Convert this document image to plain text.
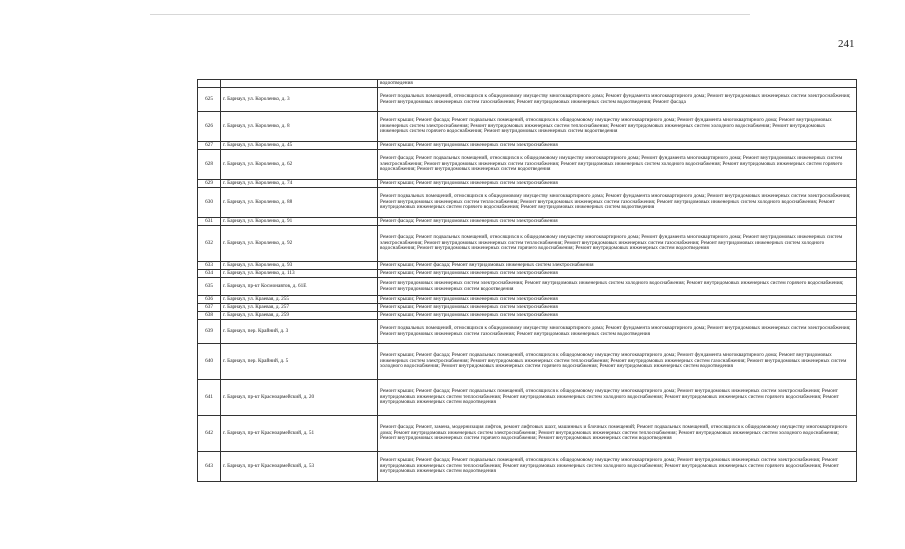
241
		водоотведения
625	г. Барнаул, ул. Короленко, д. 3	Ремонт подвальных помещений, относящихся к общедомовому имуществу многоквартирного дома; Ремонт фундамента многоквартирного дома; Ремонт внутридомовых инженерных систем электроснабжения; Ремонт внутридомовых инженерных систем газоснабжения; Ремонт внутридомовых инженерных систем водоотведения; Ремонт фасада
626	г. Барнаул, ул. Короленко, д. 8	Ремонт крыши; Ремонт фасада; Ремонт подвальных помещений, относящихся к общедомовому имуществу многоквартирного дома; Ремонт фундамента многоквартирного дома; Ремонт внутридомовых инженерных систем электроснабжения; Ремонт внутридомовых инженерных систем теплоснабжения; Ремонт внутридомовых инженерных систем холодного водоснабжения; Ремонт внутридомовых инженерных систем горячего водоснабжения; Ремонт внутридомовых инженерных систем водоотведения
627	г. Барнаул, ул. Короленко, д. 45	Ремонт крыши; Ремонт внутридомовых инженерных систем электроснабжения
628	г. Барнаул, ул. Короленко, д. 62	Ремонт фасада; Ремонт подвальных помещений, относящихся к общедомовому имуществу многоквартирного дома; Ремонт фундамента многоквартирного дома; Ремонт внутридомовых инженерных систем электроснабжения; Ремонт внутридомовых инженерных систем газоснабжения; Ремонт внутридомовых инженерных систем холодного водоснабжения; Ремонт внутридомовых инженерных систем горячего водоснабжения; Ремонт внутридомовых инженерных систем водоотведения
629	г. Барнаул, ул. Короленко, д. 74	Ремонт крыши; Ремонт внутридомовых инженерных систем электроснабжения
630	г. Барнаул, ул. Короленко, д. 88	Ремонт подвальных помещений, относящихся к общедомовому имуществу многоквартирного дома; Ремонт фундамента многоквартирного дома; Ремонт внутридомовых инженерных систем электроснабжения; Ремонт внутридомовых инженерных систем теплоснабжения; Ремонт внутридомовых инженерных систем газоснабжения; Ремонт внутридомовых инженерных систем холодного водоснабжения; Ремонт внутридомовых инженерных систем горячего водоснабжения; Ремонт внутридомовых инженерных систем водоотведения
631	г. Барнаул, ул. Короленко, д. 91	Ремонт фасада; Ремонт внутридомовых инженерных систем электроснабжения
632	г. Барнаул, ул. Короленко, д. 92	Ремонт фасада; Ремонт подвальных помещений, относящихся к общедомовому имуществу многоквартирного дома; Ремонт фундамента многоквартирного дома; Ремонт внутридомовых инженерных систем электроснабжения; Ремонт внутридомовых инженерных систем теплоснабжения; Ремонт внутридомовых инженерных систем газоснабжения; Ремонт внутридомовых инженерных систем холодного водоснабжения; Ремонт внутридомовых инженерных систем горячего водоснабжения; Ремонт внутридомовых инженерных систем водоотведения
633	г. Барнаул, ул. Короленко, д. 93	Ремонт крыши; Ремонт фасада; Ремонт внутридомовых инженерных систем электроснабжения
634	г. Барнаул, ул. Короленко, д. 113	Ремонт крыши; Ремонт внутридомовых инженерных систем электроснабжения
635	г. Барнаул, пр-кт Космонавтов, д. 61Е	Ремонт внутридомовых инженерных систем электроснабжения; Ремонт внутридомовых инженерных систем холодного водоснабжения; Ремонт внутридомовых инженерных систем горячего водоснабжения; Ремонт внутридомовых инженерных систем водоотведения
636	г. Барнаул, ул. Краевая, д. 255	Ремонт крыши; Ремонт внутридомовых инженерных систем электроснабжения
637	г. Барнаул, ул. Краевая, д. 257	Ремонт крыши; Ремонт внутридомовых инженерных систем электроснабжения
638	г. Барнаул, ул. Краевая, д. 259	Ремонт крыши; Ремонт внутридомовых инженерных систем электроснабжения
639	г. Барнаул, пер. Крайний, д. 3	Ремонт подвальных помещений, относящихся к общедомовому имуществу многоквартирного дома; Ремонт фундамента многоквартирного дома; Ремонт внутридомовых инженерных систем электроснабжения; Ремонт внутридомовых инженерных систем газоснабжения; Ремонт внутридомовых инженерных систем водоотведения
640	г. Барнаул, пер. Крайний, д. 5	Ремонт крыши; Ремонт фасада; Ремонт подвальных помещений, относящихся к общедомовому имуществу многоквартирного дома; Ремонт фундамента многоквартирного дома; Ремонт внутридомовых инженерных систем электроснабжения; Ремонт внутридомовых инженерных систем теплоснабжения; Ремонт внутридомовых инженерных систем газоснабжения; Ремонт внутридомовых инженерных систем холодного водоснабжения; Ремонт внутридомовых инженерных систем горячего водоснабжения; Ремонт внутридомовых инженерных систем водоотведения
641	г. Барнаул, пр-кт Красноармейский, д. 20	Ремонт крыши; Ремонт фасада; Ремонт подвальных помещений, относящихся к общедомовому имуществу многоквартирного дома; Ремонт внутридомовых инженерных систем электроснабжения; Ремонт внутридомовых инженерных систем теплоснабжения; Ремонт внутридомовых инженерных систем холодного водоснабжения; Ремонт внутридомовых инженерных систем горячего водоснабжения; Ремонт внутридомовых инженерных систем водоотведения
642	г. Барнаул, пр-кт Красноармейский, д. 51	Ремонт фасада; Ремонт, замена, модернизация лифтов, ремонт лифтовых шахт, машинных и блочных помещений; Ремонт подвальных помещений, относящихся к общедомовому имуществу многоквартирного дома; Ремонт внутридомовых инженерных систем электроснабжения; Ремонт внутридомовых инженерных систем теплоснабжения; Ремонт внутридомовых инженерных систем холодного водоснабжения; Ремонт внутридомовых инженерных систем горячего водоснабжения; Ремонт внутридомовых инженерных систем водоотведения
643	г. Барнаул, пр-кт Красноармейский, д. 53	Ремонт крыши; Ремонт фасада; Ремонт подвальных помещений, относящихся к общедомовому имуществу многоквартирного дома; Ремонт внутридомовых инженерных систем электроснабжения; Ремонт внутридомовых инженерных систем теплоснабжения; Ремонт внутридомовых инженерных систем холодного водоснабжения; Ремонт внутридомовых инженерных систем горячего водоснабжения; Ремонт внутридомовых инженерных систем водоотведения
